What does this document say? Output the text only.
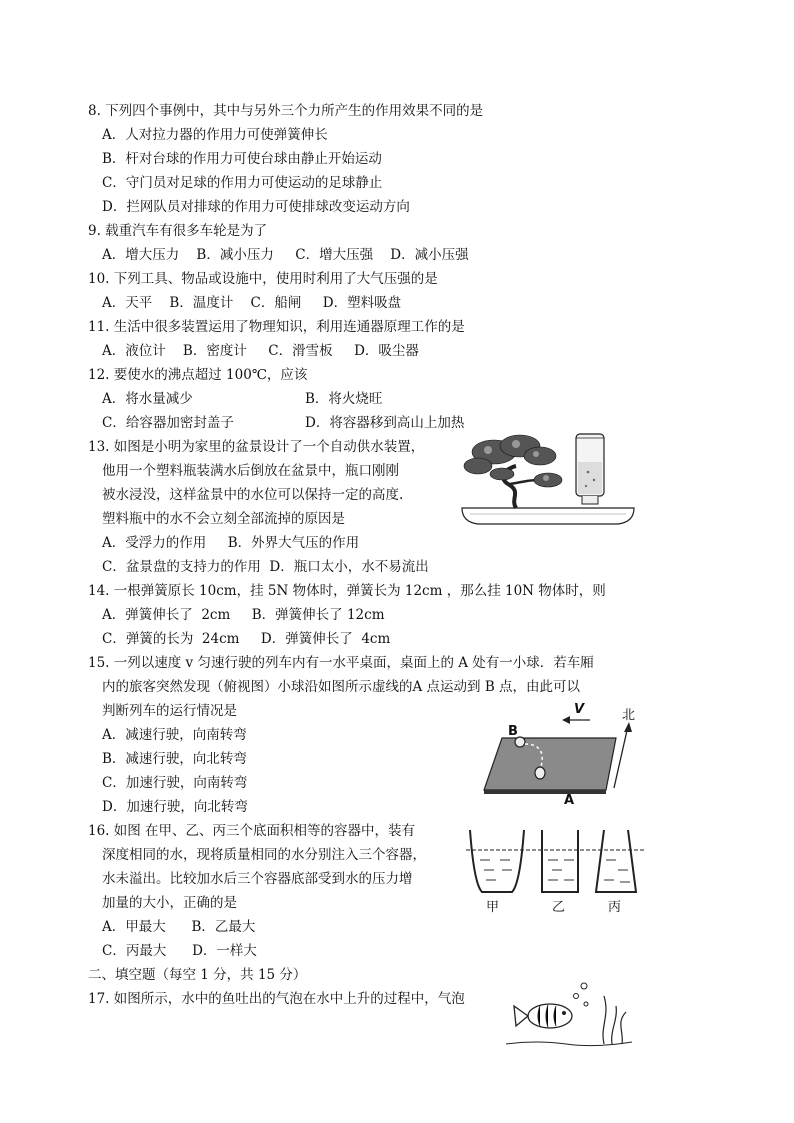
8. 下列四个事例中，其中与另外三个力所产生的作用效果不同的是
A．人对拉力器的作用力可使弹簧伸长
B．杆对台球的作用力可使台球由静止开始运动
C．守门员对足球的作用力可使运动的足球静止
D．拦网队员对排球的作用力可使排球改变运动方向
9. 载重汽车有很多车轮是为了
A．增大压力    B．减小压力     C．增大压强    D．减小压强
10. 下列工具、物品或设施中，使用时利用了大气压强的是
A．天平    B．温度计    C．船闸     D．塑料吸盘
11. 生活中很多装置运用了物理知识，利用连通器原理工作的是
A．液位计    B．密度计     C．滑雪板     D．吸尘器
12. 要使水的沸点超过 100℃，应该
A．将水量减少	B．将火烧旺
C．给容器加密封盖子	D．将容器移到高山上加热
13. 如图是小明为家里的盆景设计了一个自动供水装置，
他用一个塑料瓶装满水后倒放在盆景中，瓶口刚刚
被水浸没，这样盆景中的水位可以保持一定的高度.
塑料瓶中的水不会立刻全部流掉的原因是
A．受浮力的作用     B．外界大气压的作用
C．盆景盘的支持力的作用  D．瓶口太小，水不易流出
14. 一根弹簧原长 10cm，挂 5N 物体时，弹簧长为 12cm ，那么挂 10N 物体时，则
A．弹簧伸长了  2cm     B．弹簧伸长了 12cm
C．弹簧的长为  24cm     D．弹簧伸长了  4cm
15. 一列以速度 v 匀速行驶的列车内有一水平桌面，桌面上的 A 处有一小球．若车厢
内的旅客突然发现（俯视图）小球沿如图所示虚线的A 点运动到 B 点，由此可以
判断列车的运行情况是
A．减速行驶，向南转弯
B．减速行驶，向北转弯
C．加速行驶，向南转弯
D．加速行驶，向北转弯
B
A
V	北
16. 如图 在甲、乙、丙三个底面积相等的容器中，装有
深度相同的水，现将质量相同的水分别注入三个容器，
水未溢出。比较加水后三个容器底部受到水的压力增
加量的大小，正确的是
A．甲最大      B．乙最大
C．丙最大      D．一样大
甲	乙	丙
二、填空题（每空 1 分，共 15 分）
17. 如图所示，水中的鱼吐出的气泡在水中上升的过程中，气泡
